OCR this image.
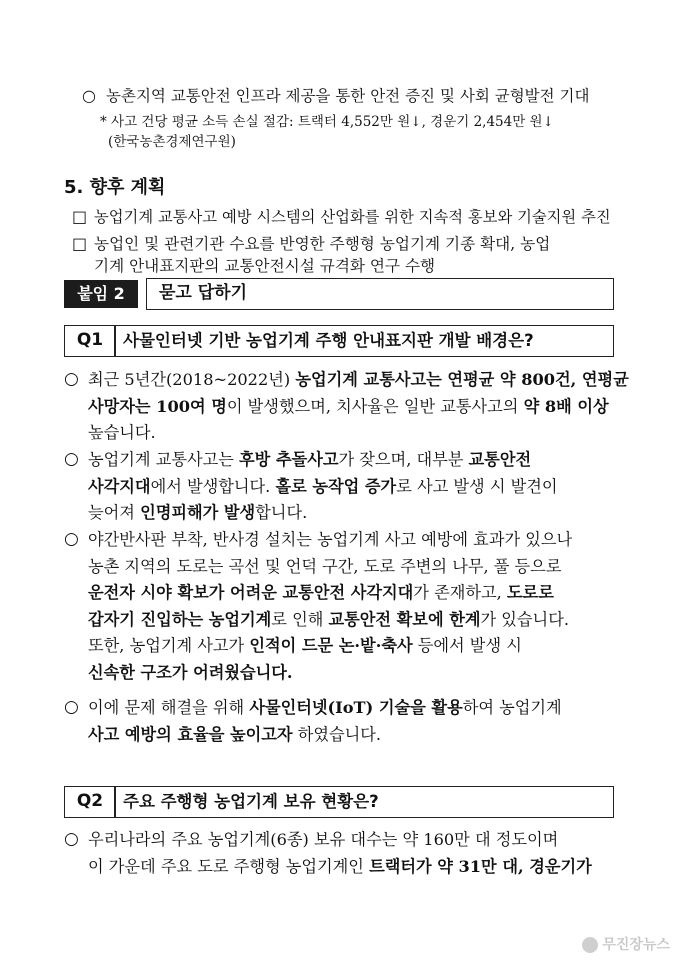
○ 농촌지역 교통안전 인프라 제공을 통한 안전 증진 및 사회 균형발전 기대
* 사고 건당 평균 소득 손실 절감: 트랙터 4,552만 원↓, 경운기 2,454만 원↓
(한국농촌경제연구원)
5. 향후 계획
□ 농업기계 교통사고 예방 시스템의 산업화를 위한 지속적 홍보와 기술지원 추진
□ 농업인 및 관련기관 수요를 반영한 주행형 농업기계 기종 확대, 농업
기계 안내표지판의 교통안전시설 규격화 연구 수행
붙임 2	묻고 답하기
Q1	사물인터넷 기반 농업기계 주행 안내표지판 개발 배경은?
○ 최근 5년간(2018~2022년) 농업기계 교통사고는 연평균 약 800건, 연평균
사망자는 100여 명이 발생했으며, 치사율은 일반 교통사고의 약 8배 이상
높습니다.
○ 농업기계 교통사고는 후방 추돌사고가 잦으며, 대부분 교통안전
사각지대에서 발생합니다. 홀로 농작업 증가로 사고 발생 시 발견이
늦어져 인명피해가 발생합니다.
○ 야간반사판 부착, 반사경 설치는 농업기계 사고 예방에 효과가 있으나
농촌 지역의 도로는 곡선 및 언덕 구간, 도로 주변의 나무, 풀 등으로
운전자 시야 확보가 어려운 교통안전 사각지대가 존재하고, 도로로
갑자기 진입하는 농업기계로 인해 교통안전 확보에 한계가 있습니다.
또한, 농업기계 사고가 인적이 드문 논·밭·축사 등에서 발생 시
신속한 구조가 어려웠습니다.
○ 이에 문제 해결을 위해 사물인터넷(IoT) 기술을 활용하여 농업기계
사고 예방의 효율을 높이고자 하였습니다.
Q2	주요 주행형 농업기계 보유 현황은?
○ 우리나라의 주요 농업기계(6종) 보유 대수는 약 160만 대 정도이며
이 가운데 주요 도로 주행형 농업기계인 트랙터가 약 31만 대, 경운기가
무진장뉴스
